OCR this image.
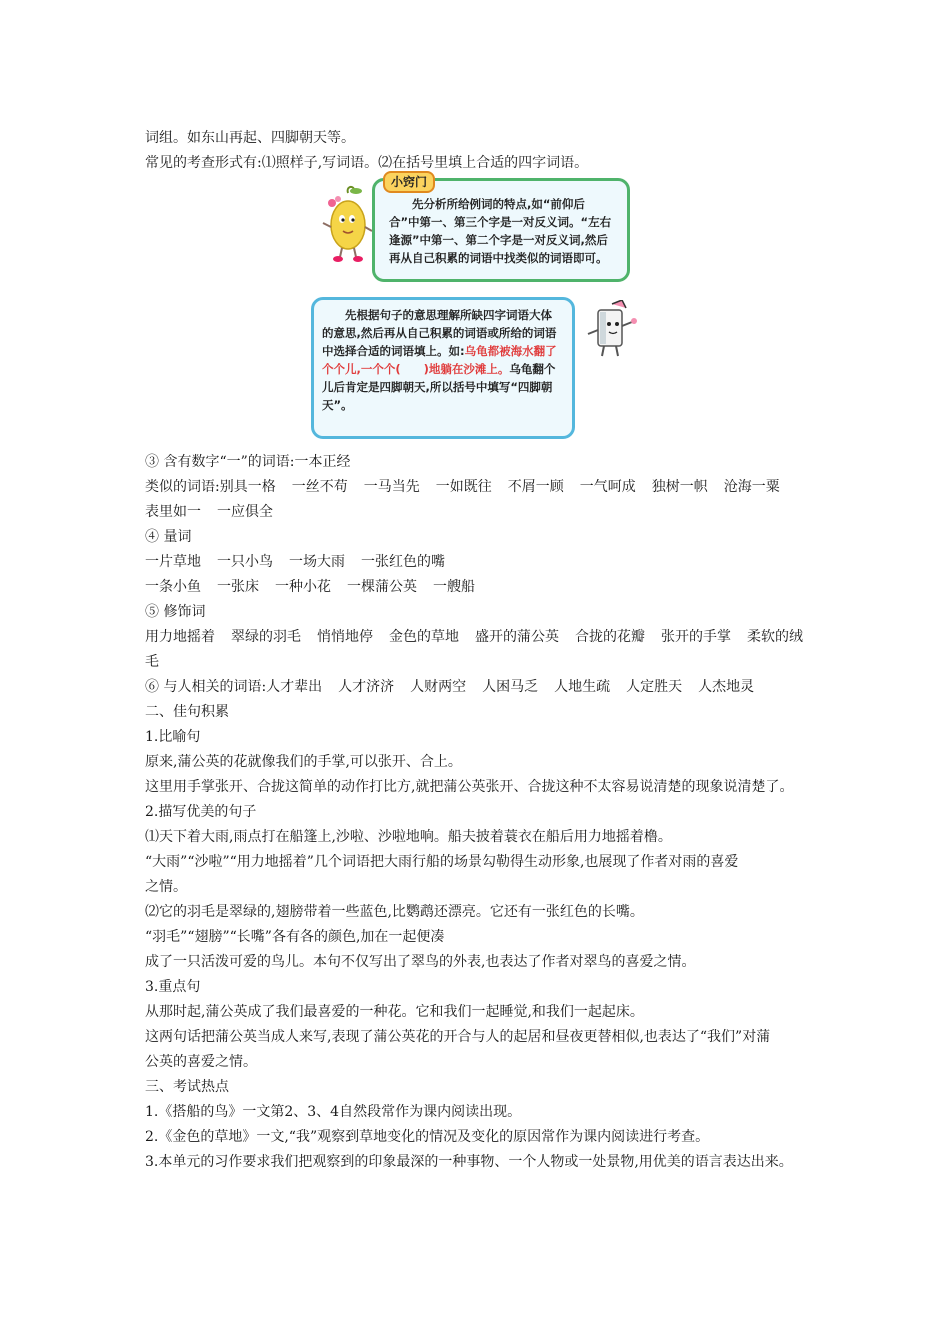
词组。如东山再起、四脚朝天等。
常见的考查形式有:⑴照样子,写词语。⑵在括号里填上合适的四字词语。
小窍门
先分析所给例词的特点,如“前仰后合”中第一、第三个字是一对反义词。“左右逢源”中第一、第二个字是一对反义词,然后再从自己积累的词语中找类似的词语即可。
先根据句子的意思理解所缺四字词语大体的意思,然后再从自己积累的词语或所给的词语中选择合适的词语填上。如:乌龟都被海水翻了个个儿,一个个(　　)地躺在沙滩上。乌龟翻个儿后肯定是四脚朝天,所以括号中填写“四脚朝天”。
③ 含有数字“一”的词语:一本正经
类似的词语:别具一格 一丝不苟 一马当先 一如既往 不屑一顾 一气呵成 独树一帜 沧海一粟
表里如一 一应俱全
④ 量词
一片草地 一只小鸟 一场大雨 一张红色的嘴
一条小鱼 一张床 一种小花 一棵蒲公英 一艘船
⑤ 修饰词
用力地摇着 翠绿的羽毛 悄悄地停 金色的草地 盛开的蒲公英 合拢的花瓣 张开的手掌 柔软的绒
毛
⑥ 与人相关的词语:人才辈出 人才济济 人财两空 人困马乏 人地生疏 人定胜天 人杰地灵
二、佳句积累
1.比喻句
原来,蒲公英的花就像我们的手掌,可以张开、合上。
这里用手掌张开、合拢这简单的动作打比方,就把蒲公英张开、合拢这种不太容易说清楚的现象说清楚了。
2.描写优美的句子
⑴天下着大雨,雨点打在船篷上,沙啦、沙啦地响。船夫披着蓑衣在船后用力地摇着橹。
“大雨”“沙啦”“用力地摇着”几个词语把大雨行船的场景勾勒得生动形象,也展现了作者对雨的喜爱
之情。
⑵它的羽毛是翠绿的,翅膀带着一些蓝色,比鹦鹉还漂亮。它还有一张红色的长嘴。
“羽毛”“翅膀”“长嘴”各有各的颜色,加在一起便凑
成了一只活泼可爱的鸟儿。本句不仅写出了翠鸟的外表,也表达了作者对翠鸟的喜爱之情。
3.重点句
从那时起,蒲公英成了我们最喜爱的一种花。它和我们一起睡觉,和我们一起起床。
这两句话把蒲公英当成人来写,表现了蒲公英花的开合与人的起居和昼夜更替相似,也表达了“我们”对蒲
公英的喜爱之情。
三、考试热点
1.《搭船的鸟》一文第2、3、4自然段常作为课内阅读出现。
2.《金色的草地》一文,“我”观察到草地变化的情况及变化的原因常作为课内阅读进行考查。
3.本单元的习作要求我们把观察到的印象最深的一种事物、一个人物或一处景物,用优美的语言表达出来。
